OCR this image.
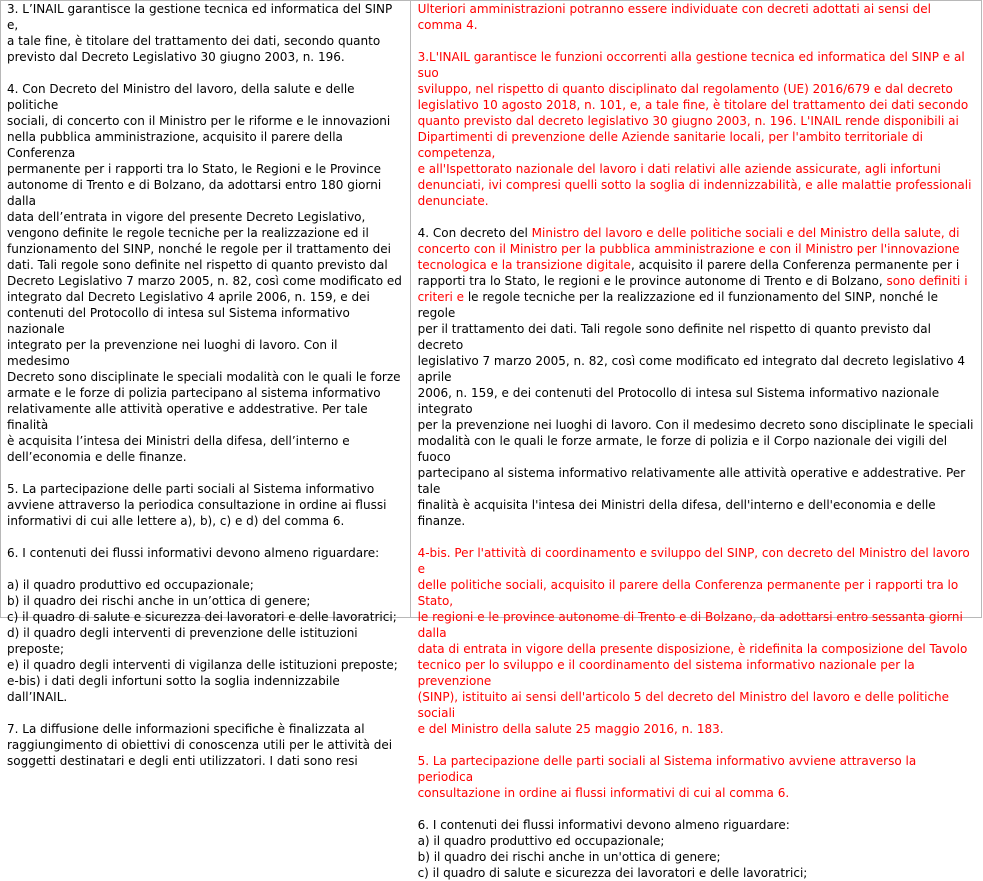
3. L’INAIL garantisce la gestione tecnica ed informatica del SINP e,
a tale fine, è titolare del trattamento dei dati, secondo quanto
previsto dal Decreto Legislativo 30 giugno 2003, n. 196.

4. Con Decreto del Ministro del lavoro, della salute e delle politiche
sociali, di concerto con il Ministro per le riforme e le innovazioni
nella pubblica amministrazione, acquisito il parere della Conferenza
permanente per i rapporti tra lo Stato, le Regioni e le Province
autonome di Trento e di Bolzano, da adottarsi entro 180 giorni dalla
data dell’entrata in vigore del presente Decreto Legislativo,
vengono definite le regole tecniche per la realizzazione ed il
funzionamento del SINP, nonché le regole per il trattamento dei
dati. Tali regole sono definite nel rispetto di quanto previsto dal
Decreto Legislativo 7 marzo 2005, n. 82, così come modificato ed
integrato dal Decreto Legislativo 4 aprile 2006, n. 159, e dei
contenuti del Protocollo di intesa sul Sistema informativo nazionale
integrato per la prevenzione nei luoghi di lavoro. Con il medesimo
Decreto sono disciplinate le speciali modalità con le quali le forze
armate e le forze di polizia partecipano al sistema informativo
relativamente alle attività operative e addestrative. Per tale finalità
è acquisita l’intesa dei Ministri della difesa, dell’interno e
dell’economia e delle finanze.

5. La partecipazione delle parti sociali al Sistema informativo
avviene attraverso la periodica consultazione in ordine ai flussi
informativi di cui alle lettere a), b), c) e d) del comma 6.

6. I contenuti dei flussi informativi devono almeno riguardare:

a) il quadro produttivo ed occupazionale;
b) il quadro dei rischi anche in un’ottica di genere;
c) il quadro di salute e sicurezza dei lavoratori e delle lavoratrici;
d) il quadro degli interventi di prevenzione delle istituzioni preposte;
e) il quadro degli interventi di vigilanza delle istituzioni preposte;
e-bis) i dati degli infortuni sotto la soglia indennizzabile dall’INAIL.

7. La diffusione delle informazioni specifiche è finalizzata al
raggiungimento di obiettivi di conoscenza utili per le attività dei
soggetti destinatari e degli enti utilizzatori. I dati sono resi

Ulteriori amministrazioni potranno essere individuate con decreti adottati ai sensi del comma 4.

3.L'INAIL garantisce le funzioni occorrenti alla gestione tecnica ed informatica del SINP e al suo
sviluppo, nel rispetto di quanto disciplinato dal regolamento (UE) 2016/679 e dal decreto
legislativo 10 agosto 2018, n. 101, e, a tale fine, è titolare del trattamento dei dati secondo
quanto previsto dal decreto legislativo 30 giugno 2003, n. 196. L'INAIL rende disponibili ai
Dipartimenti di prevenzione delle Aziende sanitarie locali, per l'ambito territoriale di competenza,
e all'Ispettorato nazionale del lavoro i dati relativi alle aziende assicurate, agli infortuni
denunciati, ivi compresi quelli sotto la soglia di indennizzabilità, e alle malattie professionali
denunciate.

4. Con decreto del Ministro del lavoro e delle politiche sociali e del Ministro della salute, di
concerto con il Ministro per la pubblica amministrazione e con il Ministro per l'innovazione
tecnologica e la transizione digitale, acquisito il parere della Conferenza permanente per i
rapporti tra lo Stato, le regioni e le province autonome di Trento e di Bolzano, sono definiti i
criteri e le regole tecniche per la realizzazione ed il funzionamento del SINP, nonché le regole
per il trattamento dei dati. Tali regole sono definite nel rispetto di quanto previsto dal decreto
legislativo 7 marzo 2005, n. 82, così come modificato ed integrato dal decreto legislativo 4 aprile
2006, n. 159, e dei contenuti del Protocollo di intesa sul Sistema informativo nazionale integrato
per la prevenzione nei luoghi di lavoro. Con il medesimo decreto sono disciplinate le speciali
modalità con le quali le forze armate, le forze di polizia e il Corpo nazionale dei vigili del fuoco
partecipano al sistema informativo relativamente alle attività operative e addestrative. Per tale
finalità è acquisita l'intesa dei Ministri della difesa, dell'interno e dell'economia e delle finanze.

4-bis. Per l'attività di coordinamento e sviluppo del SINP, con decreto del Ministro del lavoro e
delle politiche sociali, acquisito il parere della Conferenza permanente per i rapporti tra lo Stato,
le regioni e le province autonome di Trento e di Bolzano, da adottarsi entro sessanta giorni dalla
data di entrata in vigore della presente disposizione, è ridefinita la composizione del Tavolo
tecnico per lo sviluppo e il coordinamento del sistema informativo nazionale per la prevenzione
(SINP), istituito ai sensi dell'articolo 5 del decreto del Ministro del lavoro e delle politiche sociali
e del Ministro della salute 25 maggio 2016, n. 183.

5. La partecipazione delle parti sociali al Sistema informativo avviene attraverso la periodica
consultazione in ordine ai flussi informativi di cui al comma 6.

6. I contenuti dei flussi informativi devono almeno riguardare:
a) il quadro produttivo ed occupazionale;
b) il quadro dei rischi anche in un'ottica di genere;
c) il quadro di salute e sicurezza dei lavoratori e delle lavoratrici;
